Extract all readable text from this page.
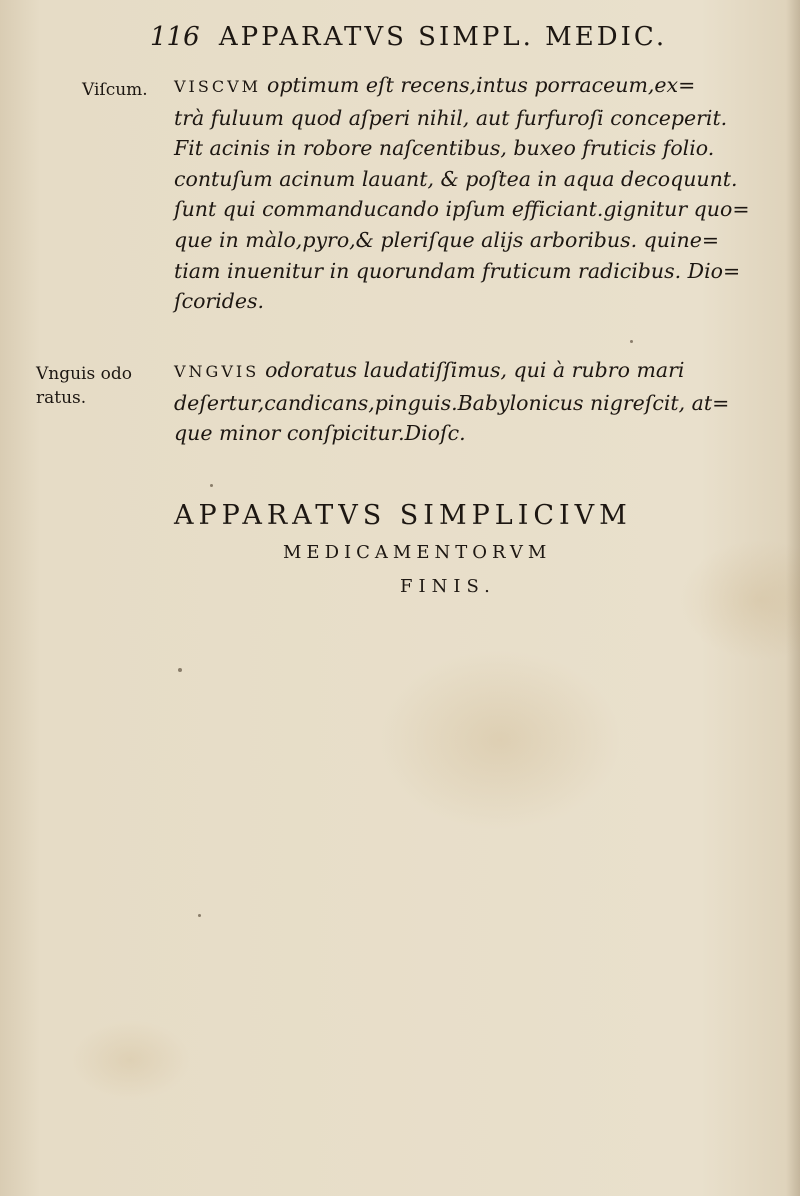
116 APPARATVS SIMPL. MEDIC.
Viſcum. VISCVM optimum eſt recens,intus porraceum,ex=
trà fuluum quod aſperi nihil, aut furfuroſi conceperit.
Fit acinis in robore naſcentibus, buxeo fruticis folio.
contuſum acinum lauant, & poſtea in aqua decoquunt.
ſunt qui commanducando ipſum efficiant.gignitur quo=
que in màlo,pyro,& pleriſque alijs arboribus. quine=
tiam inuenitur in quorundam fruticum radicibus. Dio=
ſcorides.
Vnguis odo
ratus.
VNGVIS odoratus laudatiſſimus, qui à rubro mari
deſertur,candicans,pinguis.Babylonicus nigreſcit, at=
que minor conſpicitur.Dioſc.
APPARATVS SIMPLICIVM
MEDICAMENTORVM
FINIS.
